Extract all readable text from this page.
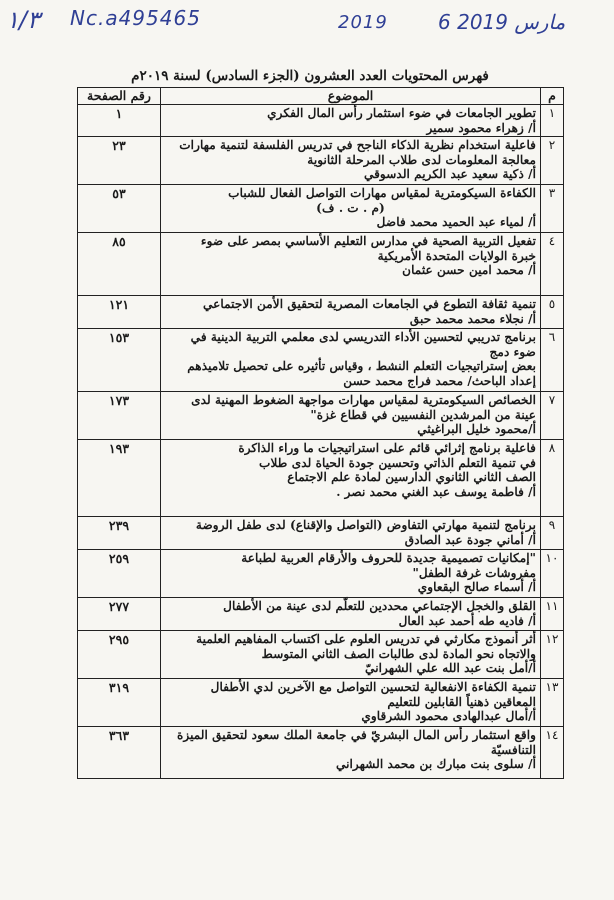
١/٣ Nc.a495465	2019	6 مارس 2019
فهرس المحتويات العدد العشرون (الجزء السادس) لسنة ٢٠١٩م
م	الموضوع	رقم الصفحة
١	تطوير الجامعات في ضوء استثمار رأس المال الفكري
أ/ زهراء محمود سمير	١
٢	فاعلية استخدام نظرية الذكاء الناجح في تدريس الفلسفة لتنمية مهارات
معالجة المعلومات لدى طلاب المرحلة الثانوية
أ/ ذكية سعيد عبد الكريم الدسوقي	٢٣
٣	الكفاءة السيكومترية لمقياس مهارات التواصل الفعال للشباب
(م . ت . ف)
أ/ لمياء عبد الحميد محمد فاضل	٥٣
٤	تفعيل التربية الصحية في مدارس التعليم الأساسي بمصر على ضوء
خبرة الولايات المتحدة الأمريكية
أ/ محمد امين حسن عثمان	٨٥
٥	تنمية ثقافة التطوع في الجامعات المصرية لتحقيق الأمن الاجتماعي
أ/ نجلاء محمد محمد حبق	١٢١
٦	برنامج تدريبي لتحسين الأداء التدريسي لدى معلمي التربية الدينية في
ضوء دمج
بعض إستراتيجيات التعلم النشط ، وقياس تأثيره على تحصيل تلاميذهم
إعداد الباحث/ محمد فراج محمد حسن	١٥٣
٧	الخصائص السيكومترية لمقياس مهارات مواجهة الضغوط المهنية لدى
عينة من المرشدين النفسيين في قطاع غزة"
أ/محمود خليل البراغيثي	١٧٣
٨	فاعلية برنامج إثرائي قائم على استراتيجيات ما وراء الذاكرة
في تنمية التعلم الذاتي وتحسين جودة الحياة لدى طلاب
الصف الثاني الثانوي الدارسين لمادة علم الاجتماع
أ/ فاطمة يوسف عبد الغني محمد نصر .	١٩٣
٩	برنامج لتنمية مهارتي التفاوض (التواصل والإقناع) لدى طفل الروضة
أ/ أماني جودة عبد الصادق	٢٣٩
١٠	"إمكانيات تصميمية جديدة للحروف والأرقام العربية لطباعة
مفروشات غرفة الطفل"
أ/ أسماء صالح البقعاوي	٢٥٩
١١	القلق والخجل الإجتماعي محددين للتعلّم لدى عينة من الأطفال
أ/ فاديه طه أحمد عبد العال	٢٧٧
١٢	أثر أنموذج مكارثي في تدريس العلوم على اكتساب المفاهيم العلمية
والاتجاه نحو المادة لدى طالبات الصف الثاني المتوسط
أ/أمل بنت عبد الله علي الشهرانيّ	٢٩٥
١٣	تنمية الكفاءة الانفعالية لتحسين التواصل مع الآخرين لدي الأطفال
المعاقين ذهنياً القابلين للتعليم
أ/أمال عبدالهادى محمود الشرقاوي	٣١٩
١٤	واقع استثمار رأس المال البشريّ في جامعة الملك سعود لتحقيق الميزة
التنافسيّة
أ/ سلوى بنت مبارك بن محمد الشهراني	٣٦٣
